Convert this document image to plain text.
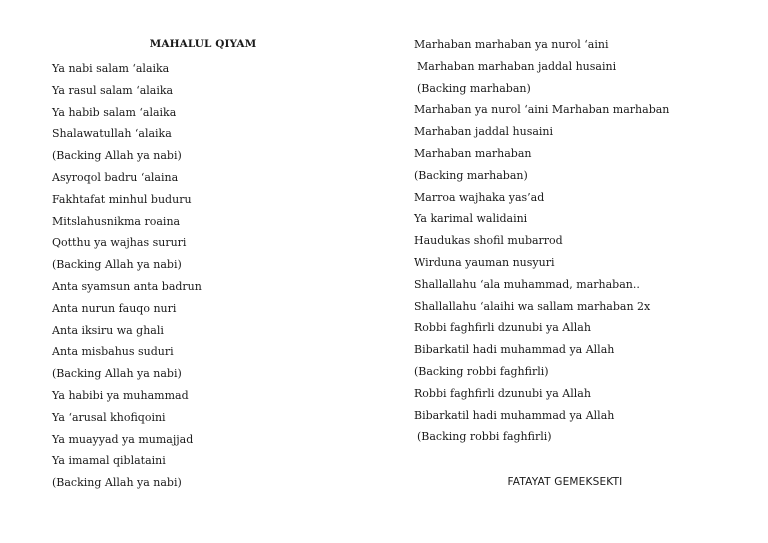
MAHALUL QIYAM
Ya nabi salam ‘alaika
Ya rasul salam ‘alaika
Ya habib salam ‘alaika
Shalawatullah ‘alaika
(Backing Allah ya nabi)
Asyroqol badru ‘alaina
Fakhtafat minhul buduru
Mitslahusnikma roaina
Qotthu ya wajhas sururi
(Backing Allah ya nabi)
Anta syamsun anta badrun
Anta nurun fauqo nuri
Anta iksiru wa ghali
Anta misbahus suduri
(Backing Allah ya nabi)
Ya habibi ya muhammad
Ya ‘arusal khofiqoini
Ya muayyad ya mumajjad
Ya imamal qiblataini
(Backing Allah ya nabi)
Marhaban marhaban ya nurol ‘aini
Marhaban marhaban jaddal husaini
(Backing marhaban)
Marhaban ya nurol ‘aini Marhaban marhaban
Marhaban jaddal husaini
Marhaban marhaban
(Backing marhaban)
Marroa wajhaka yas’ad
Ya karimal walidaini
Haudukas shofil mubarrod
Wirduna yauman nusyuri
Shallallahu ‘ala muhammad, marhaban..
Shallallahu ‘alaihi wa sallam marhaban 2x
Robbi faghfirli dzunubi ya Allah
Bibarkatil hadi muhammad ya Allah
(Backing robbi faghfirli)
Robbi faghfirli dzunubi ya Allah
Bibarkatil hadi muhammad ya Allah
(Backing robbi faghfirli)
FATAYAT GEMEKSEKTI
